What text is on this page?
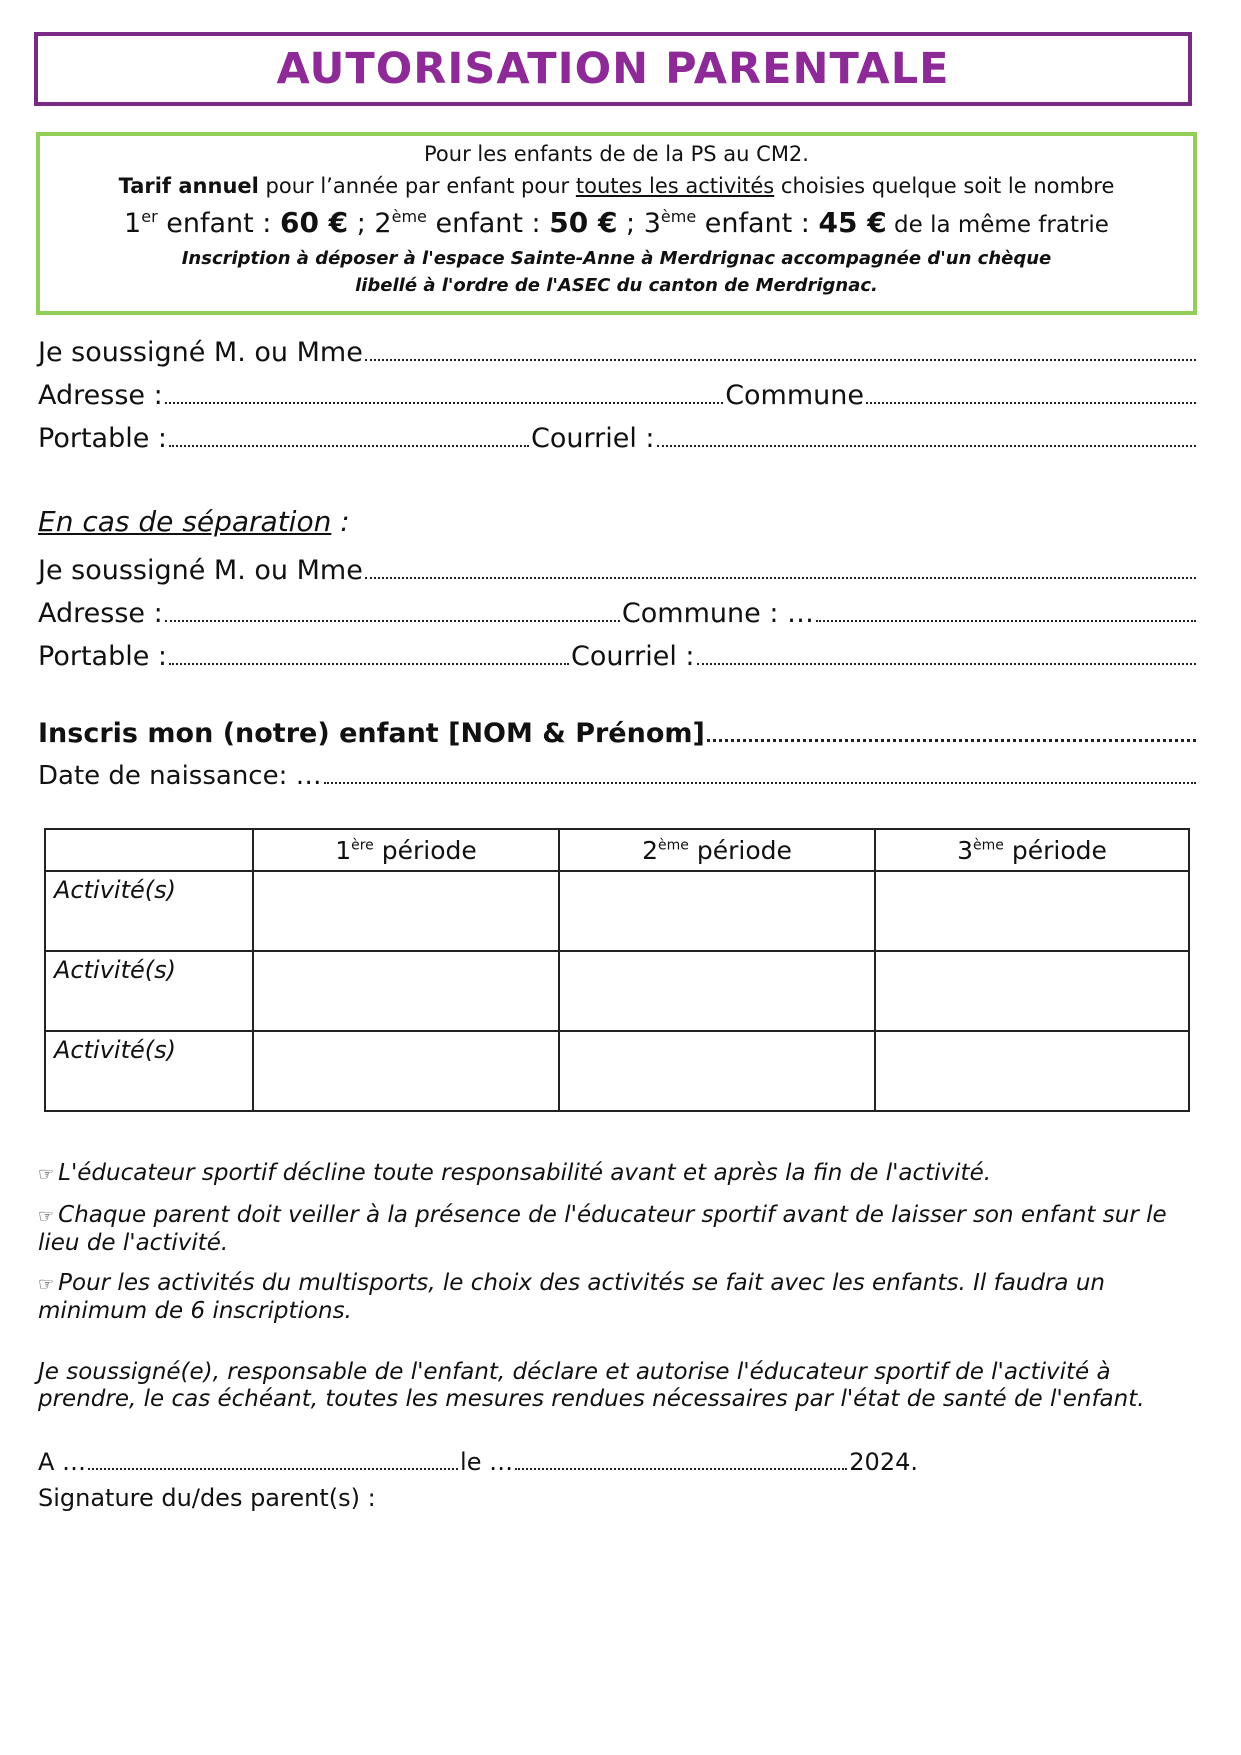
AUTORISATION PARENTALE
Pour les enfants de de la PS au CM2.
Tarif annuel pour l’année par enfant pour toutes les activités choisies quelque soit le nombre
1er enfant : 60 € ; 2ème enfant : 50 € ; 3ème enfant : 45 € de la même fratrie
Inscription à déposer à l'espace Sainte-Anne à Merdrignac accompagnée d'un chèque
libellé à l'ordre de l'ASEC du canton de Merdrignac.
Je soussigné M. ou Mme
Adresse :	Commune
Portable :	Courriel :
En cas de séparation :
Je soussigné M. ou Mme
Adresse :	Commune : …
Portable :	Courriel :
Inscris mon (notre) enfant [NOM & Prénom]
Date de naissance: …
	1ère période	2ème période	3ème période
Activité(s)			
Activité(s)			
Activité(s)			
☞ L'éducateur sportif décline toute responsabilité avant et après la fin de l'activité.
☞ Chaque parent doit veiller à la présence de l'éducateur sportif avant de laisser son enfant sur le lieu de l'activité.
☞ Pour les activités du multisports, le choix des activités se fait avec les enfants. Il faudra un minimum de 6 inscriptions.
Je soussigné(e), responsable de l'enfant, déclare et autorise l'éducateur sportif de l'activité à prendre, le cas échéant, toutes les mesures rendues nécessaires par l'état de santé de l'enfant.
A …	le …	2024.
Signature du/des parent(s) :
